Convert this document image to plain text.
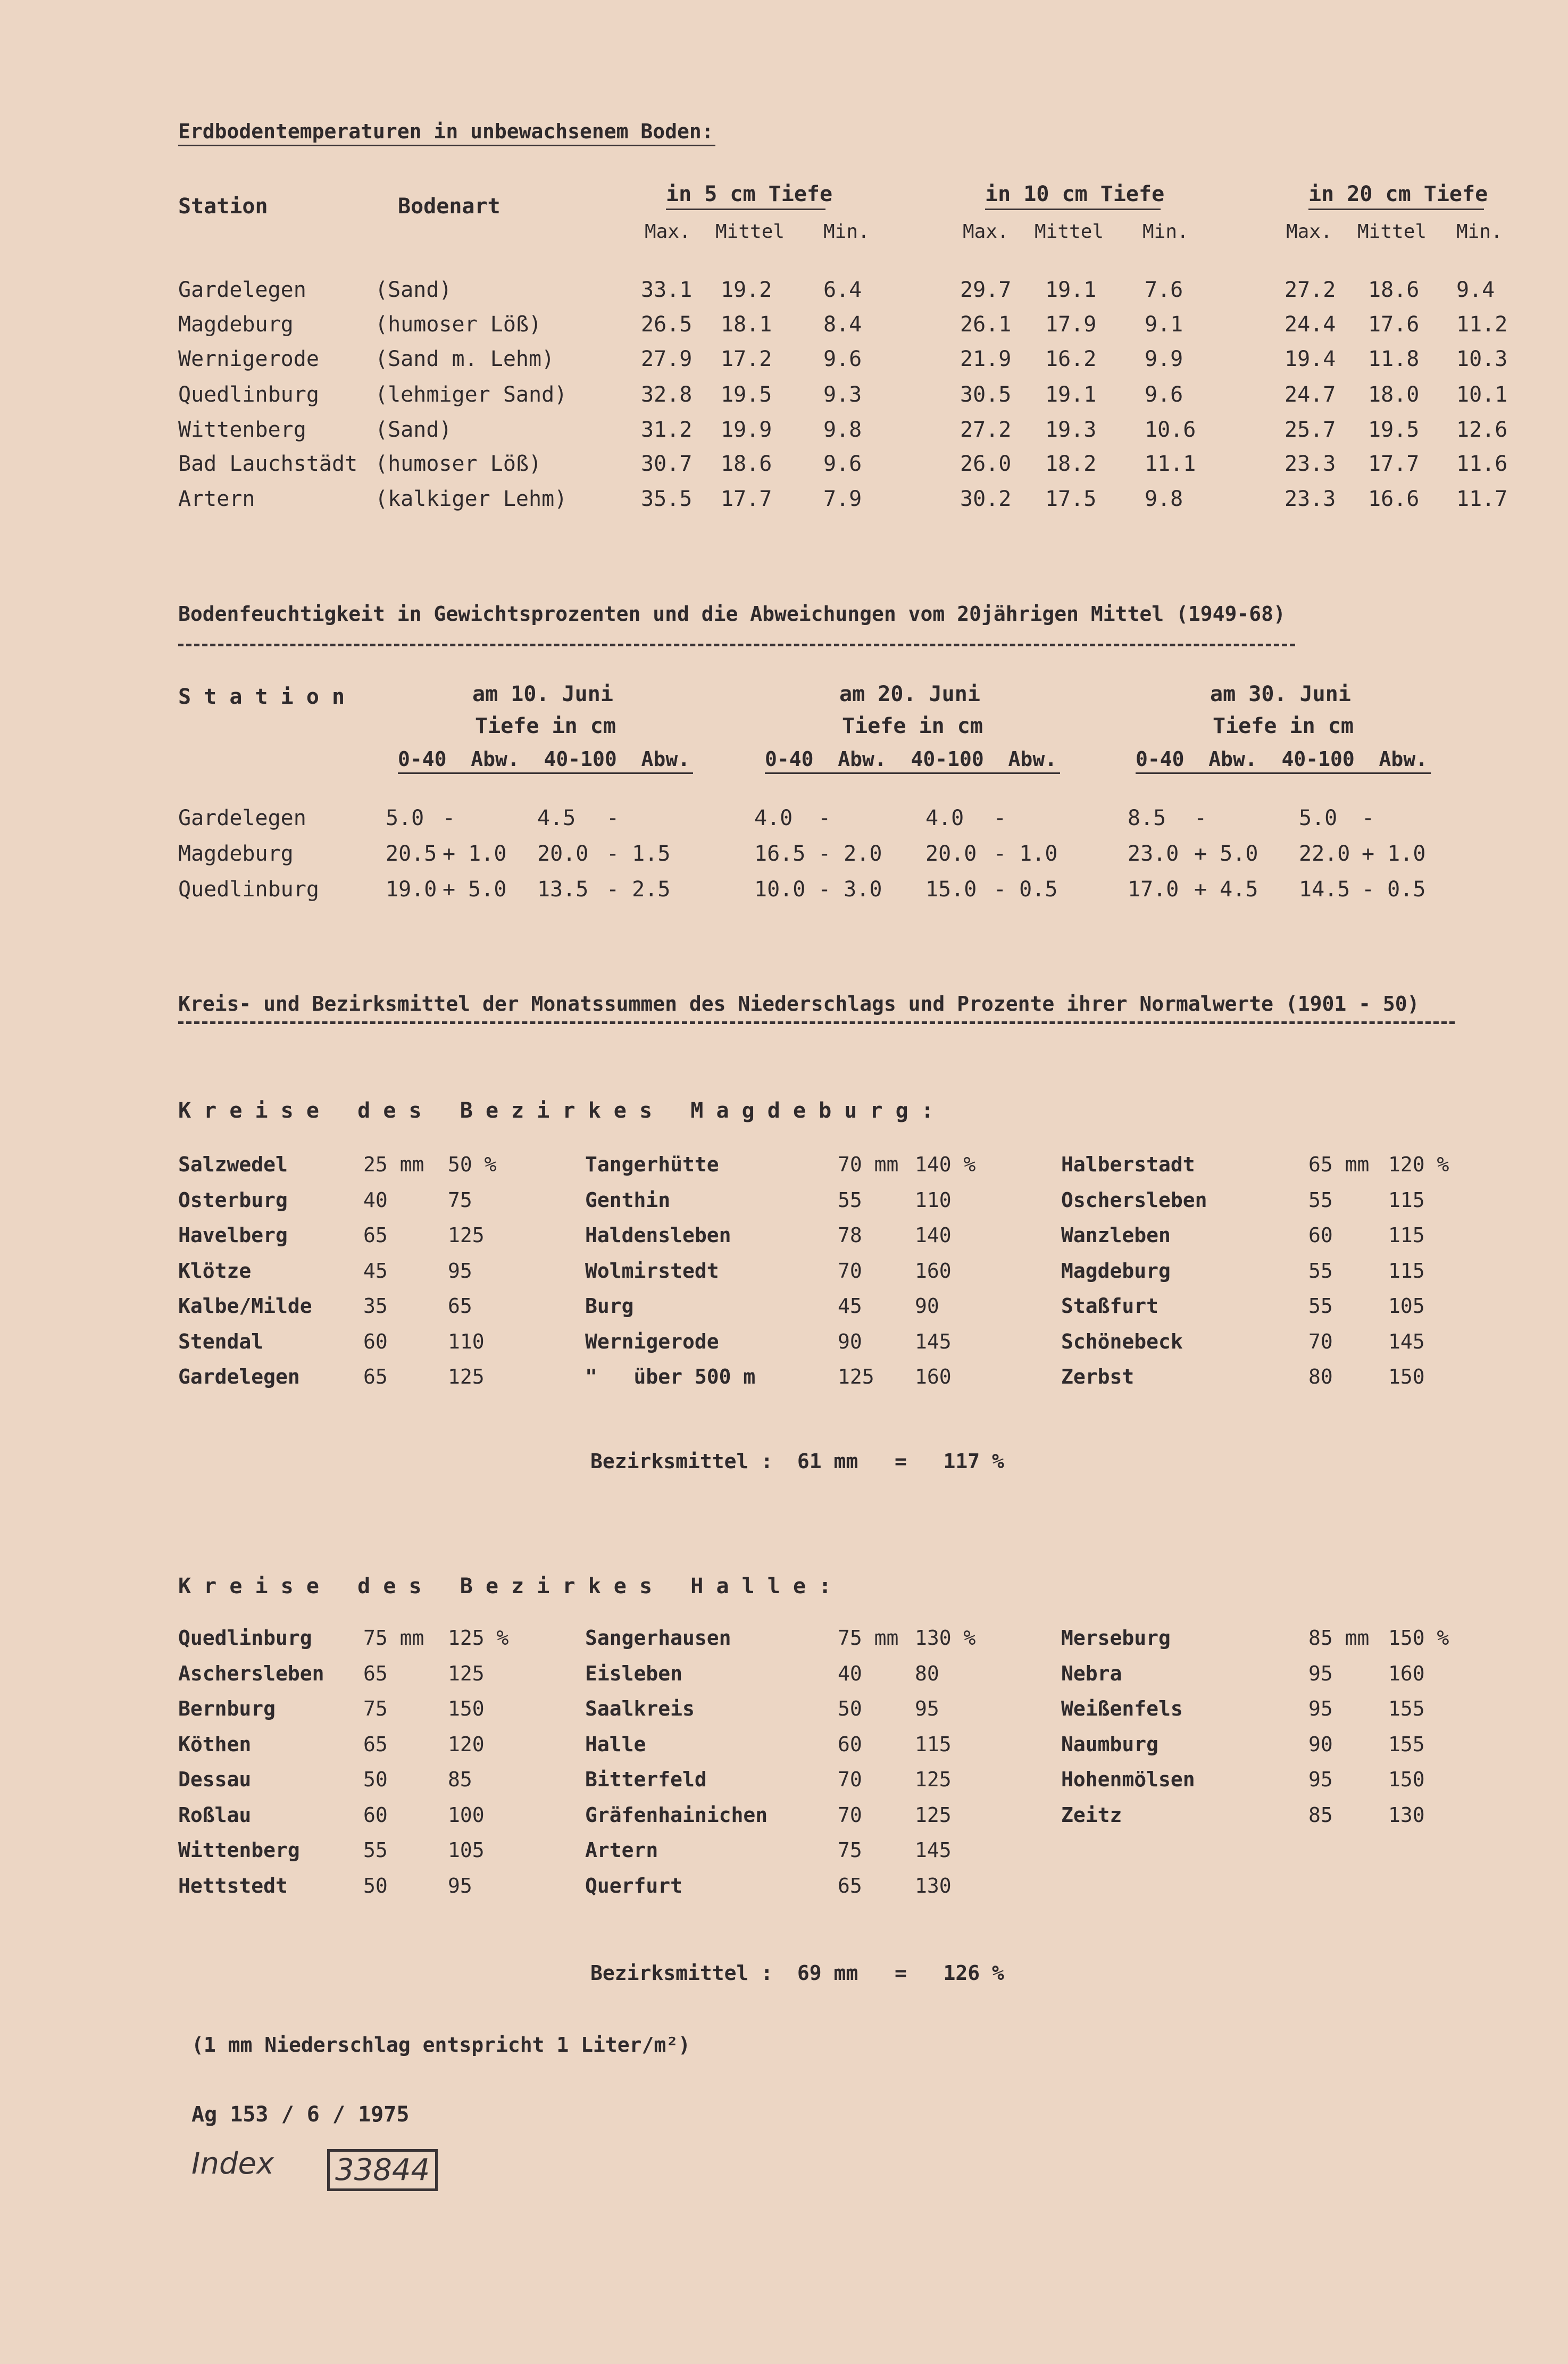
Erdbodentemperaturen in unbewachsenem Boden:
Station	Bodenart	in 5 cm Tiefe	in 10 cm Tiefe	in 20 cm Tiefe
Max. Mittel Min.	Max. Mittel Min.	Max. Mittel Min.
Gardelegen	(Sand)	33.1 19.2 6.4	29.7 19.1 7.6	27.2 18.6 9.4
Magdeburg	(humoser Löß)	26.5 18.1 8.4	26.1 17.9 9.1	24.4 17.6 11.2
Wernigerode	(Sand m. Lehm)	27.9 17.2 9.6	21.9 16.2 9.9	19.4 11.8 10.3
Quedlinburg	(lehmiger Sand)	32.8 19.5 9.3	30.5 19.1 9.6	24.7 18.0 10.1
Wittenberg	(Sand)	31.2 19.9 9.8	27.2 19.3 10.6	25.7 19.5 12.6
Bad Lauchstädt (humoser Löß)	30.7 18.6 9.6	26.0 18.2 11.1	23.3 17.7 11.6
Artern	(kalkiger Lehm)	35.5 17.7 7.9	30.2 17.5 9.8	23.3 16.6 11.7
Bodenfeuchtigkeit in Gewichtsprozenten und die Abweichungen vom 20jährigen Mittel (1949-68)
S t a t i o n	am 10. Juni
Tiefe in cm
0-40  Abw.  40-100  Abw.
am 20. Juni
Tiefe in cm
0-40  Abw.  40-100  Abw.
am 30. Juni
Tiefe in cm
0-40  Abw.  40-100  Abw.
Gardelegen	5.0 -	4.5 -	4.0 -	4.0 -	8.5 -	5.0 -
Magdeburg	20.5 + 1.0 20.0 - 1.5	16.5 - 2.0 20.0 - 1.0	23.0 + 5.0 22.0 + 1.0
Quedlinburg	19.0 + 5.0 13.5 - 2.5	10.0 - 3.0 15.0 - 0.5	17.0 + 4.5 14.5 - 0.5
Kreis- und Bezirksmittel der Monatssummen des Niederschlags und Prozente ihrer Normalwerte (1901 - 50)
K r e i s e   d e s   B e z i r k e s   M a g d e b u r g :
Salzwedel	25 mm 50 %
Osterburg	40	75
Havelberg	65	125
Klötze	45	95
Kalbe/Milde	35	65
Stendal	60	110
Gardelegen	65	125
Tangerhütte	70 mm 140 %
Genthin	55	110
Haldensleben	78	140
Wolmirstedt	70	160
Burg	45	90
Wernigerode	90	145
"   über 500 m	125 160
Halberstadt	65 mm 120 %
Oschersleben	55	115
Wanzleben	60	115
Magdeburg	55	115
Staßfurt	55	105
Schönebeck	70	145
Zerbst	80	150
Bezirksmittel :  61 mm   =   117 %
K r e i s e   d e s   B e z i r k e s   H a l l e :
Quedlinburg	75 mm 125 %
Aschersleben 65	125
Bernburg	75	150
Köthen	65	120
Dessau	50	85
Roßlau	60	100
Wittenberg	55	105
Hettstedt	50	95
Sangerhausen	75 mm 130 %
Eisleben	40	80
Saalkreis	50	95
Halle	60	115
Bitterfeld	70	125
Gräfenhainichen	70	125
Artern	75	145
Querfurt	65	130
Merseburg	85 mm 150 %
Nebra	95	160
Weißenfels	95	155
Naumburg	90	155
Hohenmölsen	95	150
Zeitz	85	130
Bezirksmittel :  69 mm   =   126 %
(1 mm Niederschlag entspricht 1 Liter/m²)
Ag 153 / 6 / 1975
Index 33844
